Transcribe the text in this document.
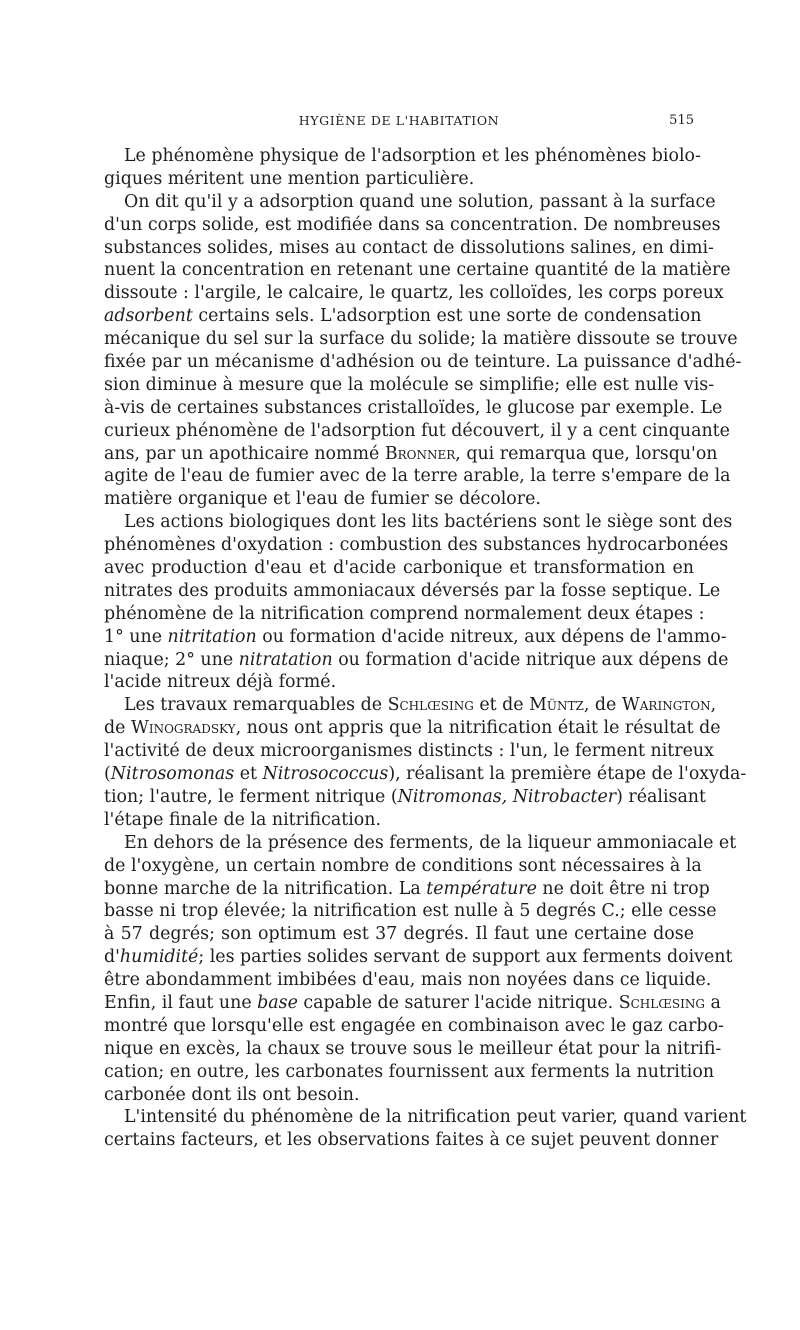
HYGIÈNE DE L'HABITATION	515
Le phénomène physique de l'adsorption et les phénomènes biolo-
giques méritent une mention particulière.
On dit qu'il y a adsorption quand une solution, passant à la surface
d'un corps solide, est modifiée dans sa concentration. De nombreuses
substances solides, mises au contact de dissolutions salines, en dimi-
nuent la concentration en retenant une certaine quantité de la matière
dissoute : l'argile, le calcaire, le quartz, les colloïdes, les corps poreux
adsorbent certains sels. L'adsorption est une sorte de condensation
mécanique du sel sur la surface du solide; la matière dissoute se trouve
fixée par un mécanisme d'adhésion ou de teinture. La puissance d'adhé-
sion diminue à mesure que la molécule se simplifie; elle est nulle vis-
à-vis de certaines substances cristalloïdes, le glucose par exemple. Le
curieux phénomène de l'adsorption fut découvert, il y a cent cinquante
ans, par un apothicaire nommé Bronner, qui remarqua que, lorsqu'on
agite de l'eau de fumier avec de la terre arable, la terre s'empare de la
matière organique et l'eau de fumier se décolore.
Les actions biologiques dont les lits bactériens sont le siège sont des
phénomènes d'oxydation : combustion des substances hydrocarbonées
avec production d'eau et d'acide carbonique et transformation en
nitrates des produits ammoniacaux déversés par la fosse septique. Le
phénomène de la nitrification comprend normalement deux étapes :
1° une nitritation ou formation d'acide nitreux, aux dépens de l'ammo-
niaque; 2° une nitratation ou formation d'acide nitrique aux dépens de
l'acide nitreux déjà formé.
Les travaux remarquables de Schlœsing et de Müntz, de Warington,
de Winogradsky, nous ont appris que la nitrification était le résultat de
l'activité de deux microorganismes distincts : l'un, le ferment nitreux
(Nitrosomonas et Nitrosococcus), réalisant la première étape de l'oxyda-
tion; l'autre, le ferment nitrique (Nitromonas, Nitrobacter) réalisant
l'étape finale de la nitrification.
En dehors de la présence des ferments, de la liqueur ammoniacale et
de l'oxygène, un certain nombre de conditions sont nécessaires à la
bonne marche de la nitrification. La température ne doit être ni trop
basse ni trop élevée; la nitrification est nulle à 5 degrés C.; elle cesse
à 57 degrés; son optimum est 37 degrés. Il faut une certaine dose
d'humidité; les parties solides servant de support aux ferments doivent
être abondamment imbibées d'eau, mais non noyées dans ce liquide.
Enfin, il faut une base capable de saturer l'acide nitrique. Schlœsing a
montré que lorsqu'elle est engagée en combinaison avec le gaz carbo-
nique en excès, la chaux se trouve sous le meilleur état pour la nitrifi-
cation; en outre, les carbonates fournissent aux ferments la nutrition
carbonée dont ils ont besoin.
L'intensité du phénomène de la nitrification peut varier, quand varient
certains facteurs, et les observations faites à ce sujet peuvent donner
